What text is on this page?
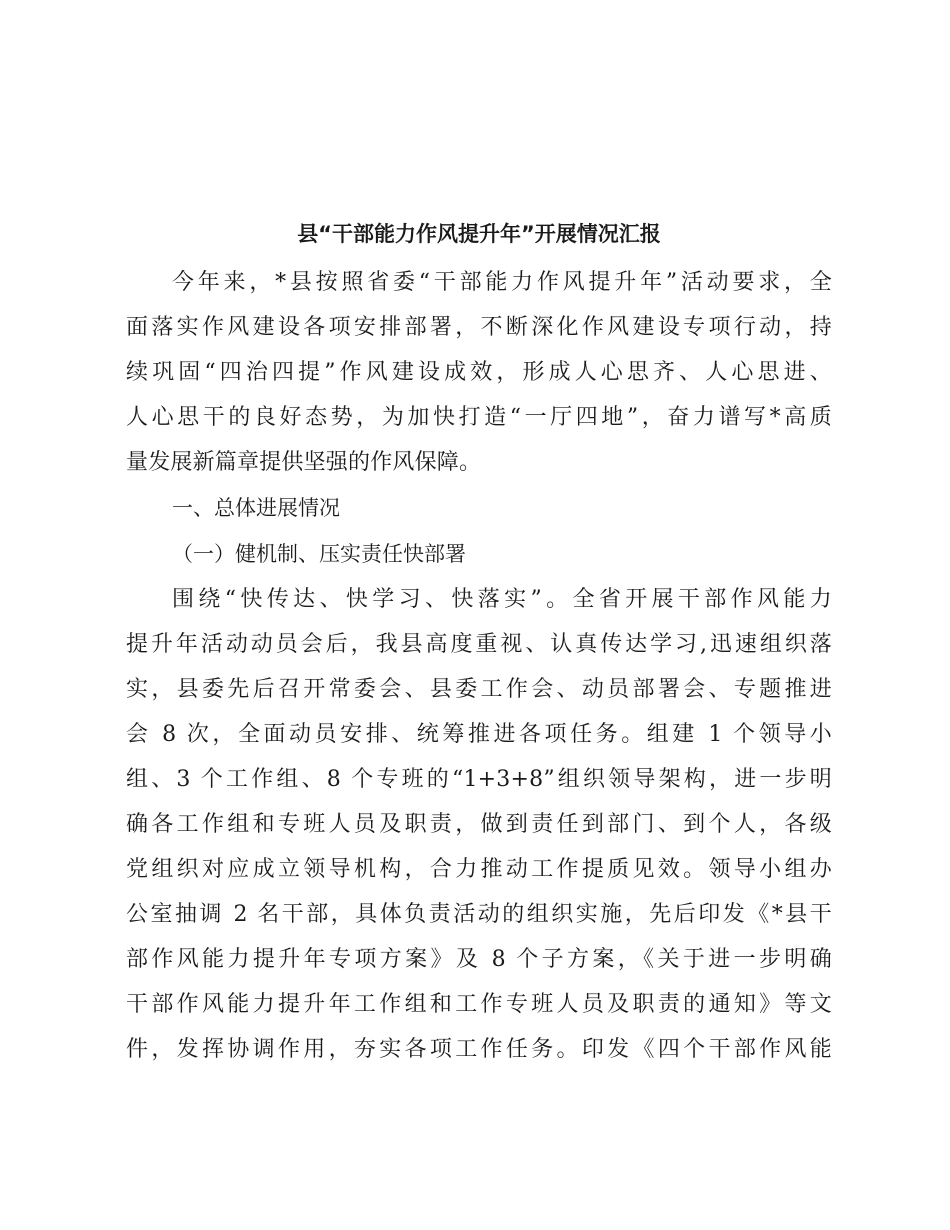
县“干部能力作风提升年”开展情况汇报
今年来，*县按照省委“干部能力作风提升年”活动要求，全
面落实作风建设各项安排部署，不断深化作风建设专项行动，持
续巩固“四治四提”作风建设成效，形成人心思齐、人心思进、
人心思干的良好态势，为加快打造“一厅四地”，奋力谱写*高质
量发展新篇章提供坚强的作风保障。
一、总体进展情况
（一）健机制、压实责任快部署
围绕“快传达、快学习、快落实”。全省开展干部作风能力
提升年活动动员会后，我县高度重视、认真传达学习,迅速组织落
实，县委先后召开常委会、县委工作会、动员部署会、专题推进
会 8 次，全面动员安排、统筹推进各项任务。组建 1 个领导小
组、3 个工作组、8 个专班的“1+3+8”组织领导架构，进一步明
确各工作组和专班人员及职责，做到责任到部门、到个人，各级
党组织对应成立领导机构，合力推动工作提质见效。领导小组办
公室抽调 2 名干部，具体负责活动的组织实施，先后印发《*县干
部作风能力提升年专项方案》及 8 个子方案，《关于进一步明确
干部作风能力提升年工作组和工作专班人员及职责的通知》等文
件，发挥协调作用，夯实各项工作任务。印发《四个干部作风能
